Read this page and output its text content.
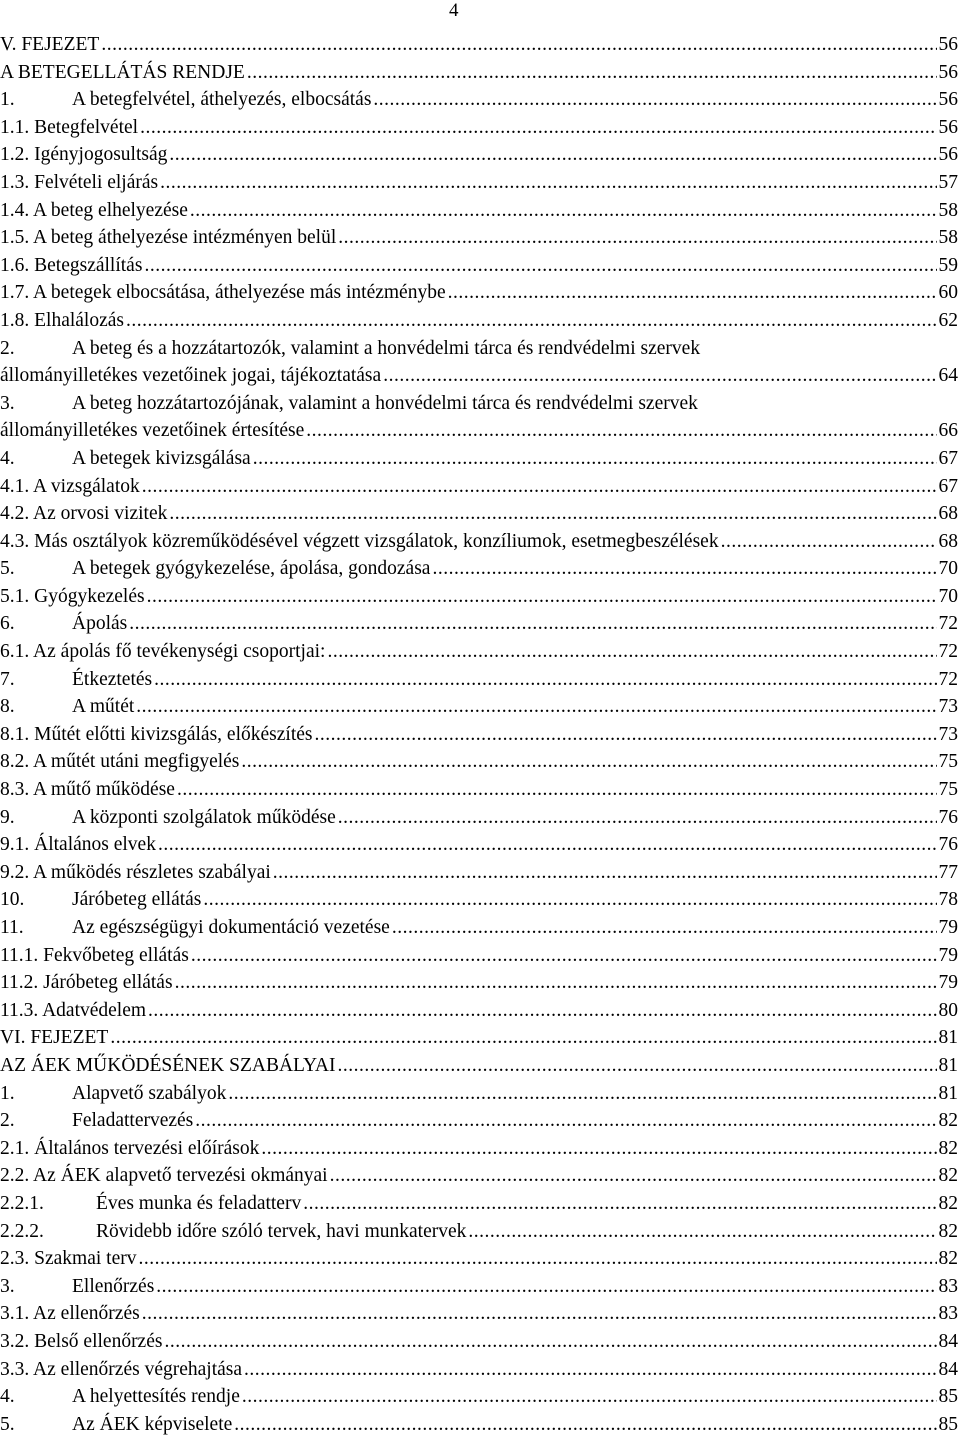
4
V. FEJEZET .....	56
A BETEGELLÁTÁS RENDJE .....	56
1.	A betegfelvétel, áthelyezés, elbocsátás .....	56
1.1. Betegfelvétel .....	56
1.2. Igényjogosultság .....	56
1.3. Felvételi eljárás .....	57
1.4. A beteg elhelyezése .....	58
1.5. A beteg áthelyezése intézményen belül .....	58
1.6. Betegszállítás .....	59
1.7. A betegek elbocsátása, áthelyezése más intézménybe .....	60
1.8. Elhalálozás .....	62
2.	A beteg és a hozzátartozók, valamint a honvédelmi tárca és rendvédelmi szervek
állományilletékes vezetőinek jogai, tájékoztatása .....	64
3.	A beteg hozzátartozójának, valamint a honvédelmi tárca és rendvédelmi szervek
állományilletékes vezetőinek értesítése .....	66
4.	A betegek kivizsgálása .....	67
4.1. A vizsgálatok .....	67
4.2. Az orvosi vizitek .....	68
4.3. Más osztályok közreműködésével végzett vizsgálatok, konzíliumok, esetmegbeszélések .....	68
5.	A betegek gyógykezelése, ápolása, gondozása .....	70
5.1. Gyógykezelés .....	70
6.	Ápolás .....	72
6.1. Az ápolás fő tevékenységi csoportjai: .....	72
7.	Étkeztetés .....	72
8.	A műtét .....	73
8.1. Műtét előtti kivizsgálás, előkészítés .....	73
8.2. A műtét utáni megfigyelés .....	75
8.3. A műtő működése .....	75
9.	A központi szolgálatok működése .....	76
9.1. Általános elvek .....	76
9.2. A működés részletes szabályai .....	77
10.	Járóbeteg ellátás .....	78
11.	Az egészségügyi dokumentáció vezetése .....	79
11.1. Fekvőbeteg ellátás .....	79
11.2. Járóbeteg ellátás .....	79
11.3. Adatvédelem .....	80
VI. FEJEZET .....	81
AZ ÁEK MŰKÖDÉSÉNEK SZABÁLYAI .....	81
1.	Alapvető szabályok .....	81
2.	Feladattervezés .....	82
2.1. Általános tervezési előírások .....	82
2.2. Az ÁEK alapvető tervezési okmányai .....	82
2.2.1.	Éves munka és feladatterv .....	82
2.2.2.	Rövidebb időre szóló tervek, havi munkatervek .....	82
2.3. Szakmai terv .....	82
3.	Ellenőrzés .....	83
3.1. Az ellenőrzés .....	83
3.2. Belső ellenőrzés .....	84
3.3. Az ellenőrzés végrehajtása .....	84
4.	A helyettesítés rendje .....	85
5.	Az ÁEK képviselete .....	85
